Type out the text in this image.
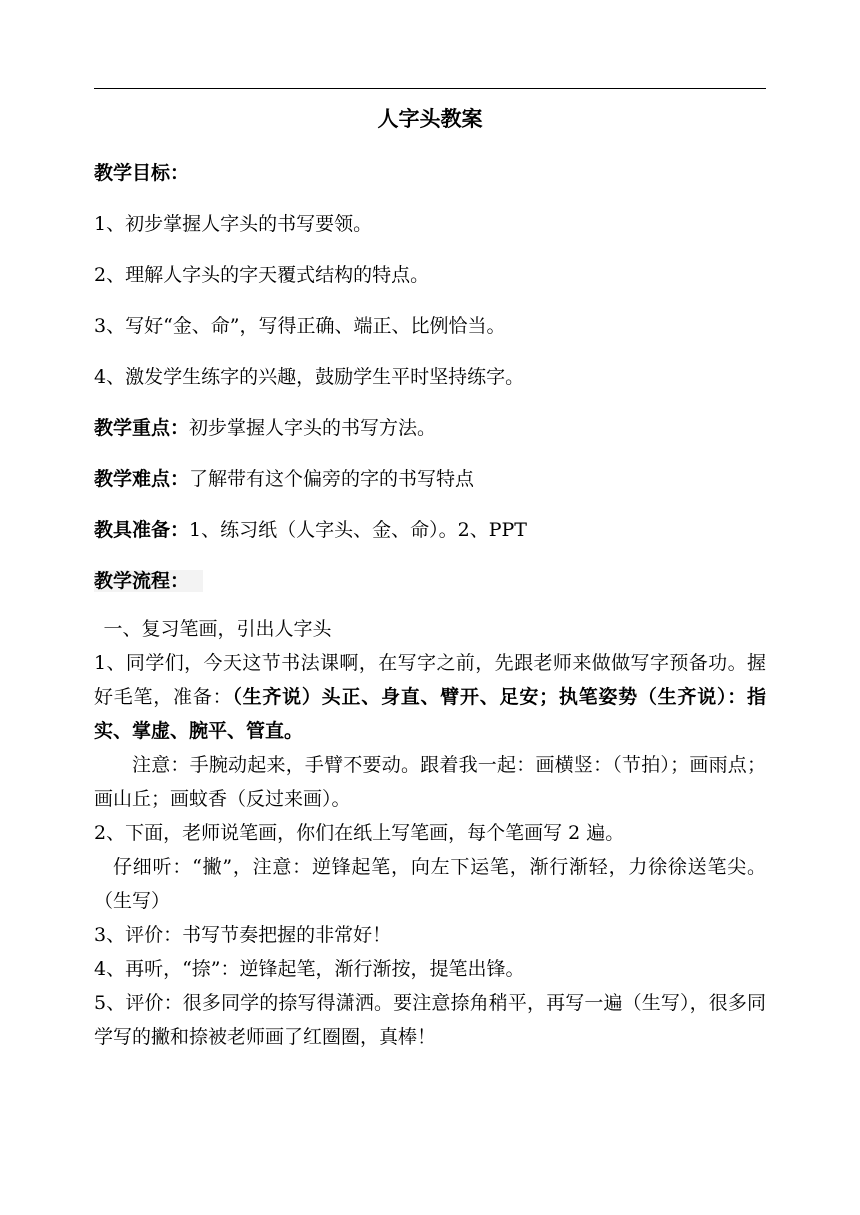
人字头教案
教学目标：
1、初步掌握人字头的书写要领。
2、理解人字头的字天覆式结构的特点。
3、写好“金、命”，写得正确、端正、比例恰当。
4、激发学生练字的兴趣，鼓励学生平时坚持练字。
教学重点：初步掌握人字头的书写方法。
教学难点：了解带有这个偏旁的字的书写特点
教具准备：1、练习纸（人字头、金、命）。2、PPT
教学流程：
一、复习笔画，引出人字头
1、同学们，今天这节书法课啊，在写字之前，先跟老师来做做写字预备功。握好毛笔，准备：（生齐说）头正、身直、臂开、足安；执笔姿势（生齐说）：指实、掌虚、腕平、管直。
注意：手腕动起来，手臂不要动。跟着我一起：画横竖：（节拍）；画雨点；画山丘；画蚊香（反过来画）。
2、下面，老师说笔画，你们在纸上写笔画，每个笔画写 2 遍。
仔细听：“撇”，注意：逆锋起笔，向左下运笔，渐行渐轻，力徐徐送笔尖。（生写）
3、评价：书写节奏把握的非常好！
4、再听，“捺”：逆锋起笔，渐行渐按，提笔出锋。
5、评价：很多同学的捺写得潇洒。要注意捺角稍平，再写一遍（生写），很多同学写的撇和捺被老师画了红圈圈，真棒！
